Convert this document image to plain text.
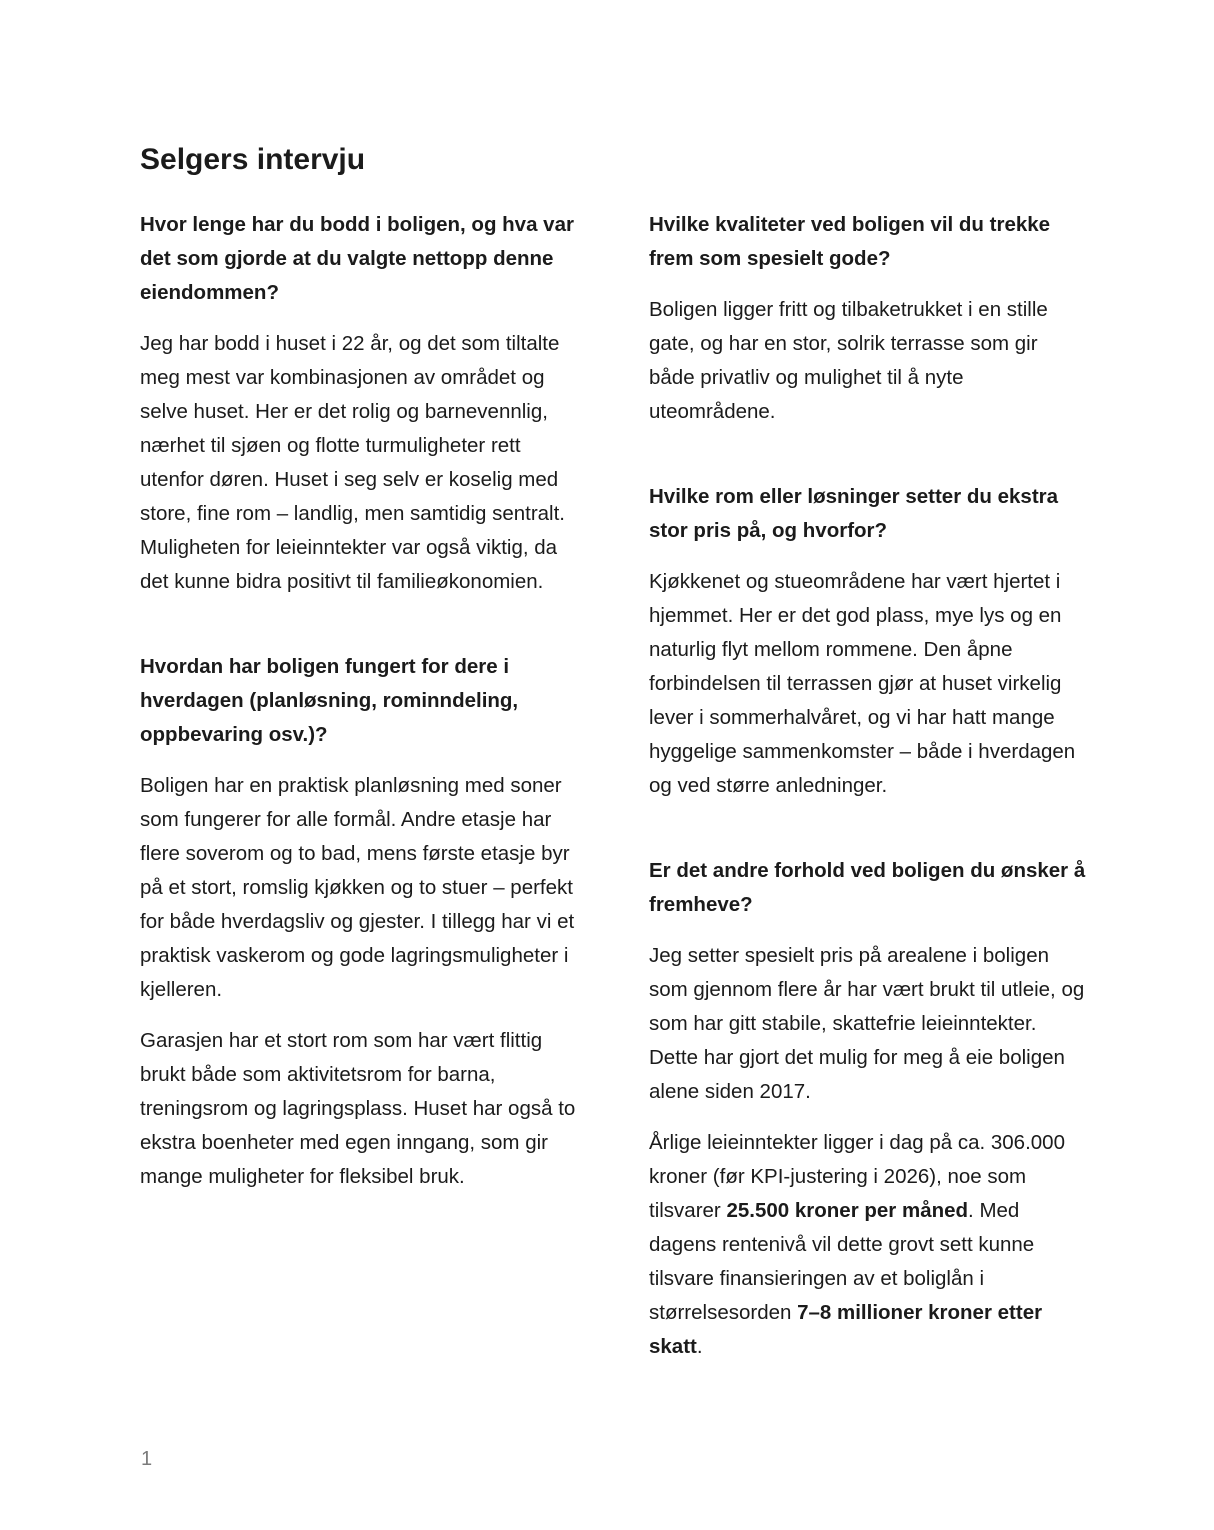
Selgers intervju

Hvor lenge har du bodd i boligen, og hva var det som gjorde at du valgte nettopp denne eiendommen?

Jeg har bodd i huset i 22 år, og det som tiltalte meg mest var kombinasjonen av området og selve huset. Her er det rolig og barnevennlig, nærhet til sjøen og flotte turmuligheter rett utenfor døren. Huset i seg selv er koselig med store, fine rom – landlig, men samtidig sentralt. Muligheten for leieinntekter var også viktig, da det kunne bidra positivt til familieøkonomien.

Hvordan har boligen fungert for dere i hverdagen (planløsning, rominndeling, oppbevaring osv.)?

Boligen har en praktisk planløsning med soner som fungerer for alle formål. Andre etasje har flere soverom og to bad, mens første etasje byr på et stort, romslig kjøkken og to stuer – perfekt for både hverdagsliv og gjester. I tillegg har vi et praktisk vaskerom og gode lagringsmuligheter i kjelleren.

Garasjen har et stort rom som har vært flittig brukt både som aktivitetsrom for barna, treningsrom og lagringsplass. Huset har også to ekstra boenheter med egen inngang, som gir mange muligheter for fleksibel bruk.

Hvilke kvaliteter ved boligen vil du trekke frem som spesielt gode?

Boligen ligger fritt og tilbaketrukket i en stille gate, og har en stor, solrik terrasse som gir både privatliv og mulighet til å nyte uteområdene.

Hvilke rom eller løsninger setter du ekstra stor pris på, og hvorfor?

Kjøkkenet og stueområdene har vært hjertet i hjemmet. Her er det god plass, mye lys og en naturlig flyt mellom rommene. Den åpne forbindelsen til terrassen gjør at huset virkelig lever i sommerhalvåret, og vi har hatt mange hyggelige sammenkomster – både i hverdagen og ved større anledninger.

Er det andre forhold ved boligen du ønsker å fremheve?

Jeg setter spesielt pris på arealene i boligen som gjennom flere år har vært brukt til utleie, og som har gitt stabile, skattefrie leieinntekter. Dette har gjort det mulig for meg å eie boligen alene siden 2017.

Årlige leieinntekter ligger i dag på ca. 306.000 kroner (før KPI-justering i 2026), noe som tilsvarer 25.500 kroner per måned. Med dagens rentenivå vil dette grovt sett kunne tilsvare finansieringen av et boliglån i størrelsesorden 7–8 millioner kroner etter skatt.

1
